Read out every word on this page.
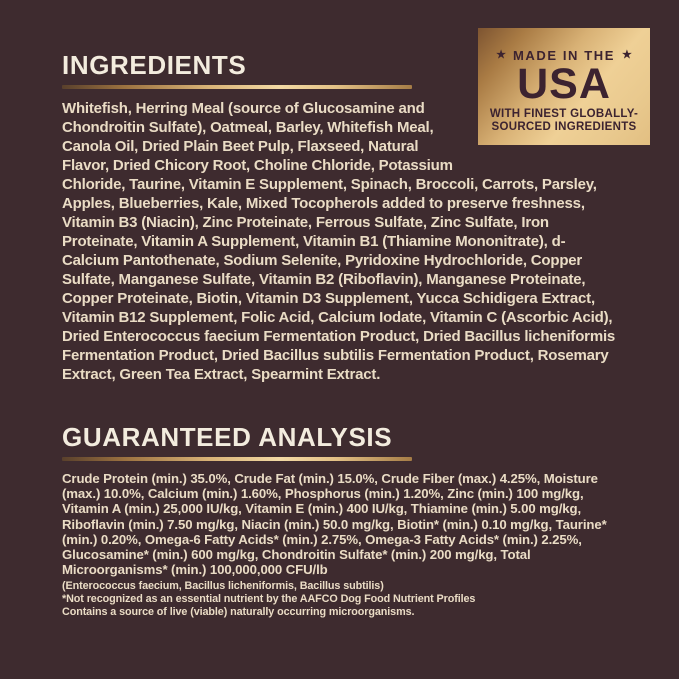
★ MADE IN THE ★
USA
WITH FINEST GLOBALLY-
SOURCED INGREDIENTS
INGREDIENTS

Whitefish, Herring Meal (source of Glucosamine and Chondroitin Sulfate), Oatmeal, Barley, Whitefish Meal, Canola Oil, Dried Plain Beet Pulp, Flaxseed, Natural Flavor, Dried Chicory Root, Choline Chloride, Potassium Chloride, Taurine, Vitamin E Supplement, Spinach, Broccoli, Carrots, Parsley, Apples, Blueberries, Kale, Mixed Tocopherols added to preserve freshness, Vitamin B3 (Niacin), Zinc Proteinate, Ferrous Sulfate, Zinc Sulfate, Iron Proteinate, Vitamin A Supplement, Vitamin B1 (Thiamine Mononitrate), d-Calcium Pantothenate, Sodium Selenite, Pyridoxine Hydrochloride, Copper Sulfate, Manganese Sulfate, Vitamin B2 (Riboflavin), Manganese Proteinate, Copper Proteinate, Biotin, Vitamin D3 Supplement, Yucca Schidigera Extract, Vitamin B12 Supplement, Folic Acid, Calcium Iodate, Vitamin C (Ascorbic Acid), Dried Enterococcus faecium Fermentation Product, Dried Bacillus licheniformis Fermentation Product, Dried Bacillus subtilis Fermentation Product, Rosemary Extract, Green Tea Extract, Spearmint Extract.

GUARANTEED ANALYSIS

Crude Protein (min.) 35.0%, Crude Fat (min.) 15.0%, Crude Fiber (max.) 4.25%, Moisture (max.) 10.0%, Calcium (min.) 1.60%, Phosphorus (min.) 1.20%, Zinc (min.) 100 mg/kg, Vitamin A (min.) 25,000 IU/kg, Vitamin E (min.) 400 IU/kg, Thiamine (min.) 5.00 mg/kg, Riboflavin (min.) 7.50 mg/kg, Niacin (min.) 50.0 mg/kg, Biotin* (min.) 0.10 mg/kg, Taurine* (min.) 0.20%, Omega-6 Fatty Acids* (min.) 2.75%, Omega-3 Fatty Acids* (min.) 2.25%, Glucosamine* (min.) 600 mg/kg, Chondroitin Sulfate* (min.) 200 mg/kg, Total Microorganisms* (min.) 100,000,000 CFU/lb

(Enterococcus faecium, Bacillus licheniformis, Bacillus subtilis)
*Not recognized as an essential nutrient by the AAFCO Dog Food Nutrient Profiles
Contains a source of live (viable) naturally occurring microorganisms.
